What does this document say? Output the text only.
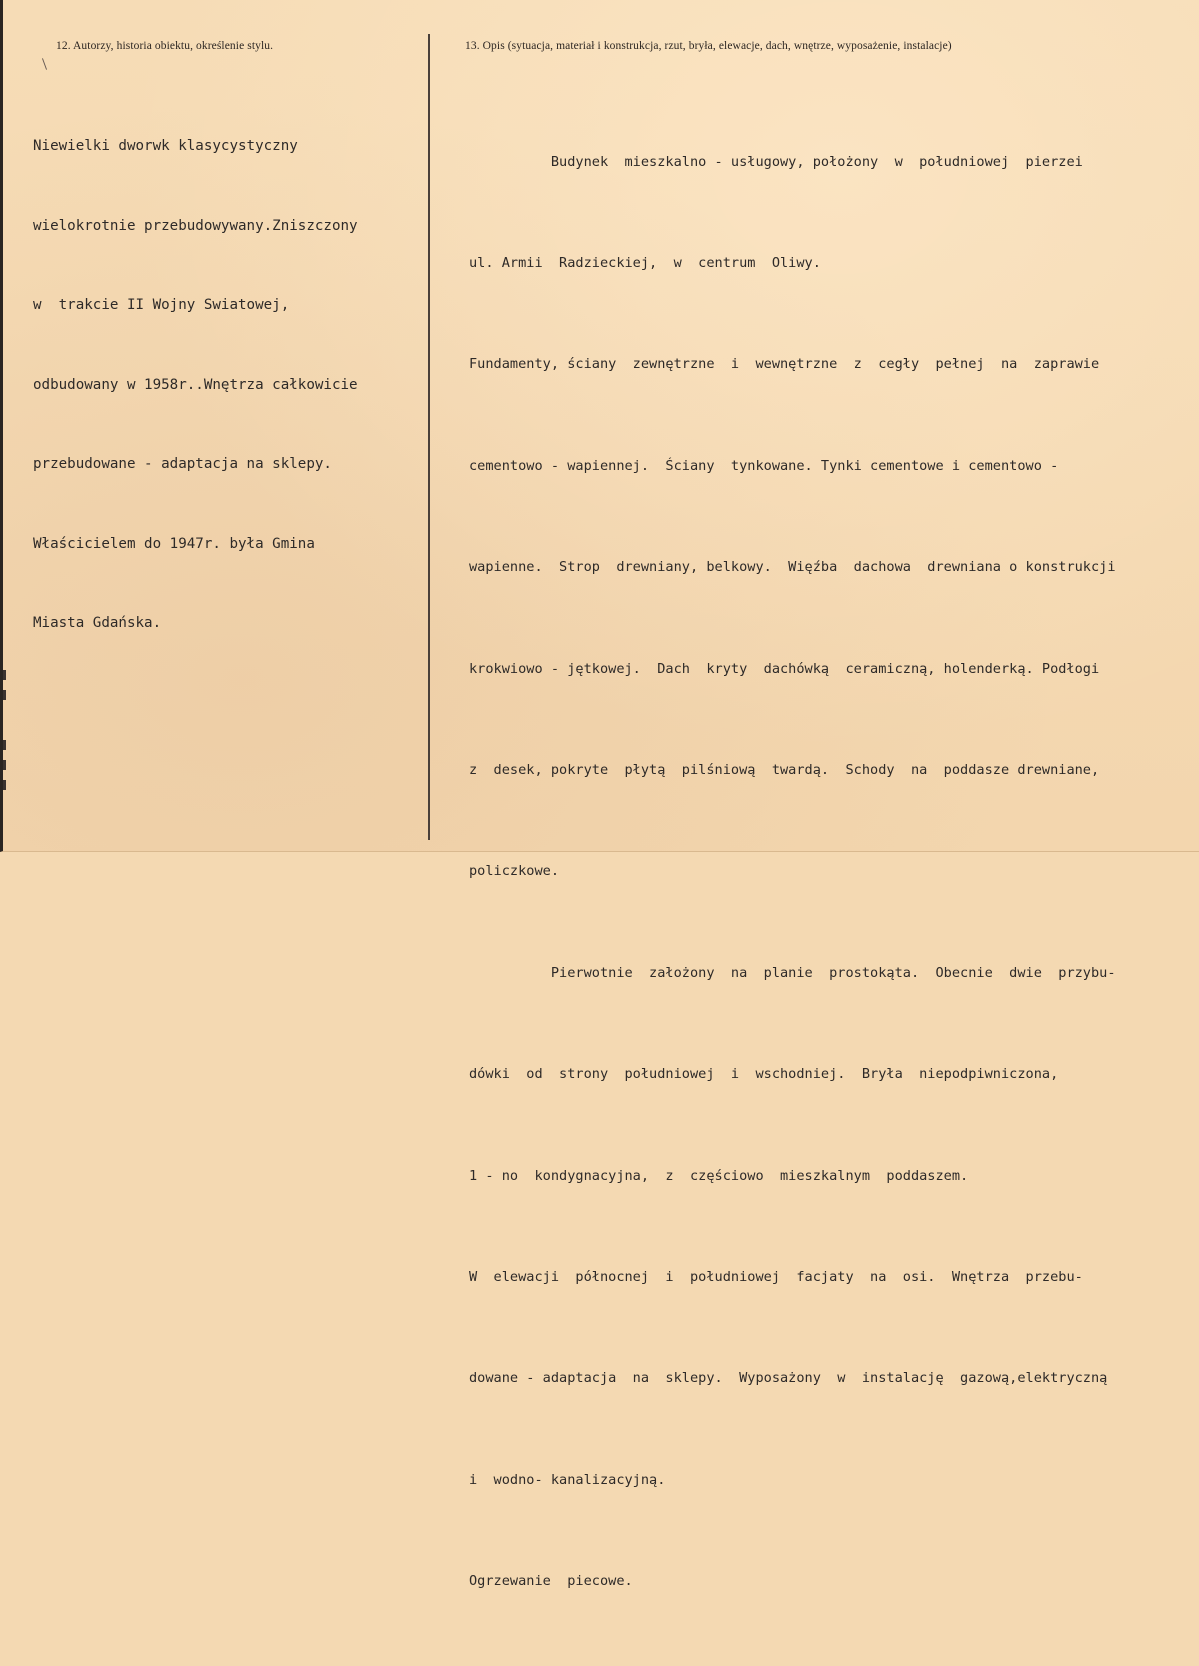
12. Autorzy, historia obiektu, określenie stylu.	13. Opis (sytuacja, materiał i konstrukcja, rzut, bryła, elewacje, dach, wnętrze, wyposażenie, instalacje)

Niewielki dworwk klasycystyczny

wielokrotnie przebudowywany.Zniszczony

w  trakcie II Wojny Swiatowej,

odbudowany w 1958r..Wnętrza całkowicie

przebudowane - adaptacja na sklepy.

Właścicielem do 1947r. była Gmina

Miasta Gdańska.

Budynek  mieszkalno - usługowy, położony  w  południowej  pierzei

ul. Armii  Radzieckiej,  w  centrum  Oliwy.

Fundamenty, ściany  zewnętrzne  i  wewnętrzne  z  cegły  pełnej  na  zaprawie

cementowo - wapiennej.  Ściany  tynkowane. Tynki cementowe i cementowo -

wapienne.  Strop  drewniany, belkowy.  Więźba  dachowa  drewniana o konstrukcji

krokwiowo - jętkowej.  Dach  kryty  dachówką  ceramiczną, holenderką. Podłogi

z  desek, pokryte  płytą  pilśniową  twardą.  Schody  na  poddasze drewniane,

policzkowe.

Pierwotnie  założony  na  planie  prostokąta.  Obecnie  dwie  przybu-

dówki  od  strony  południowej  i  wschodniej.  Bryła  niepodpiwniczona,

1 - no  kondygnacyjna,  z  częściowo  mieszkalnym  poddaszem.

W  elewacji  północnej  i  południowej  facjaty  na  osi.  Wnętrza  przebu-

dowane - adaptacja  na  sklepy.  Wyposażony  w  instalację  gazową,elektryczną

i  wodno- kanalizacyjną.

Ogrzewanie  piecowe.
